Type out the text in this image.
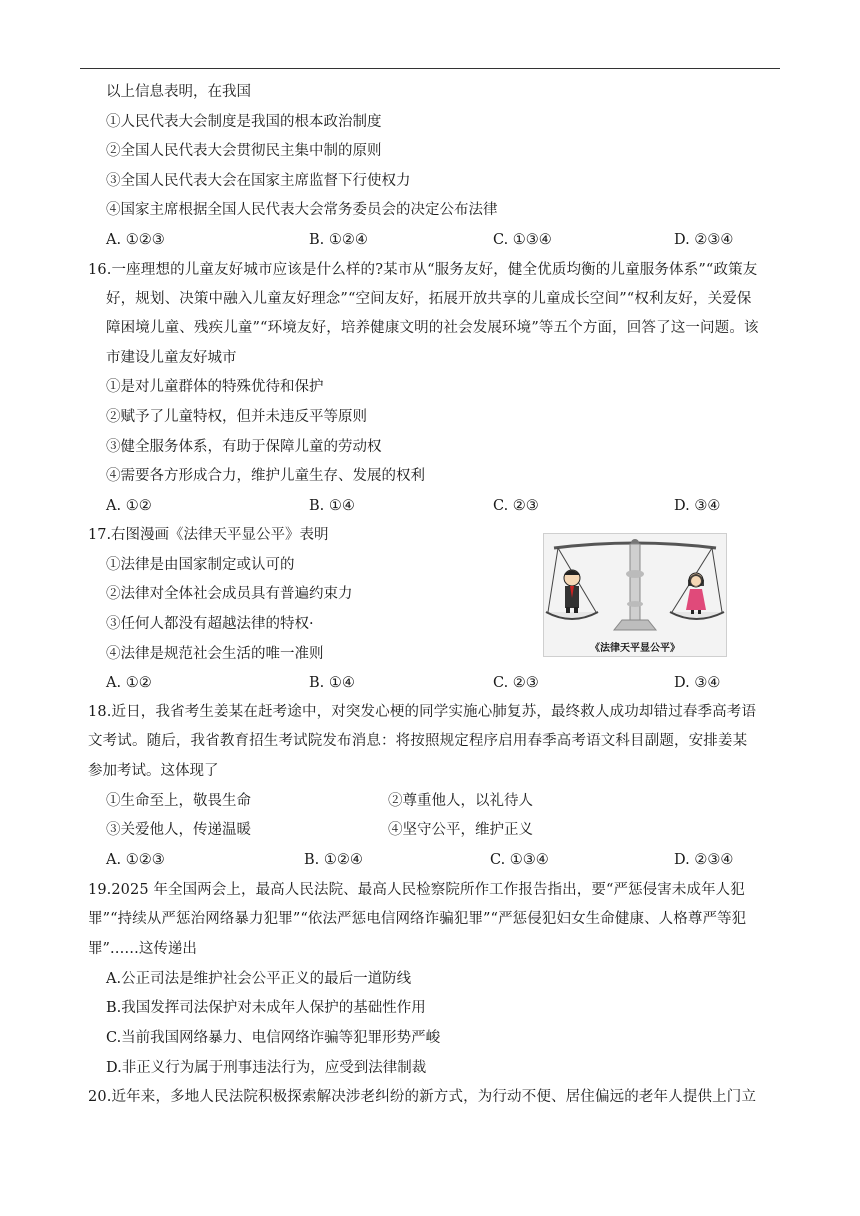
以上信息表明，在我国
①人民代表大会制度是我国的根本政治制度
②全国人民代表大会贯彻民主集中制的原则
③全国人民代表大会在国家主席监督下行使权力
④国家主席根据全国人民代表大会常务委员会的决定公布法律
A. ①②③	B. ①②④	C. ①③④	D. ②③④
16.一座理想的儿童友好城市应该是什么样的?某市从“服务友好，健全优质均衡的儿童服务体系”“政策友
好，规划、决策中融入儿童友好理念”“空间友好，拓展开放共享的儿童成长空间”“权利友好，关爱保
障困境儿童、残疾儿童”“环境友好，培养健康文明的社会发展环境”等五个方面，回答了这一问题。该
市建设儿童友好城市
①是对儿童群体的特殊优待和保护
②赋予了儿童特权，但并未违反平等原则
③健全服务体系，有助于保障儿童的劳动权
④需要各方形成合力，维护儿童生存、发展的权利
A. ①②	B. ①④	C. ②③	D. ③④
17.右图漫画《法律天平显公平》表明
①法律是由国家制定或认可的
②法律对全体社会成员具有普遍约束力
③任何人都没有超越法律的特权·
④法律是规范社会生活的唯一准则	《法律天平显公平》
A. ①②	B. ①④	C. ②③	D. ③④
18.近日，我省考生姜某在赶考途中，对突发心梗的同学实施心肺复苏，最终救人成功却错过春季高考语
文考试。随后，我省教育招生考试院发布消息：将按照规定程序启用春季高考语文科目副题，安排姜某
参加考试。这体现了
①生命至上，敬畏生命	②尊重他人，以礼待人
③关爱他人，传递温暖	④坚守公平，维护正义
A. ①②③	B. ①②④	C. ①③④	D. ②③④
19.2025 年全国两会上，最高人民法院、最高人民检察院所作工作报告指出，要“严惩侵害未成年人犯
罪”“持续从严惩治网络暴力犯罪”“依法严惩电信网络诈骗犯罪”“严惩侵犯妇女生命健康、人格尊严等犯
罪”……这传递出
A.公正司法是维护社会公平正义的最后一道防线
B.我国发挥司法保护对未成年人保护的基础性作用
C.当前我国网络暴力、电信网络诈骗等犯罪形势严峻
D.非正义行为属于刑事违法行为，应受到法律制裁
20.近年来，多地人民法院积极探索解决涉老纠纷的新方式，为行动不便、居住偏远的老年人提供上门立
